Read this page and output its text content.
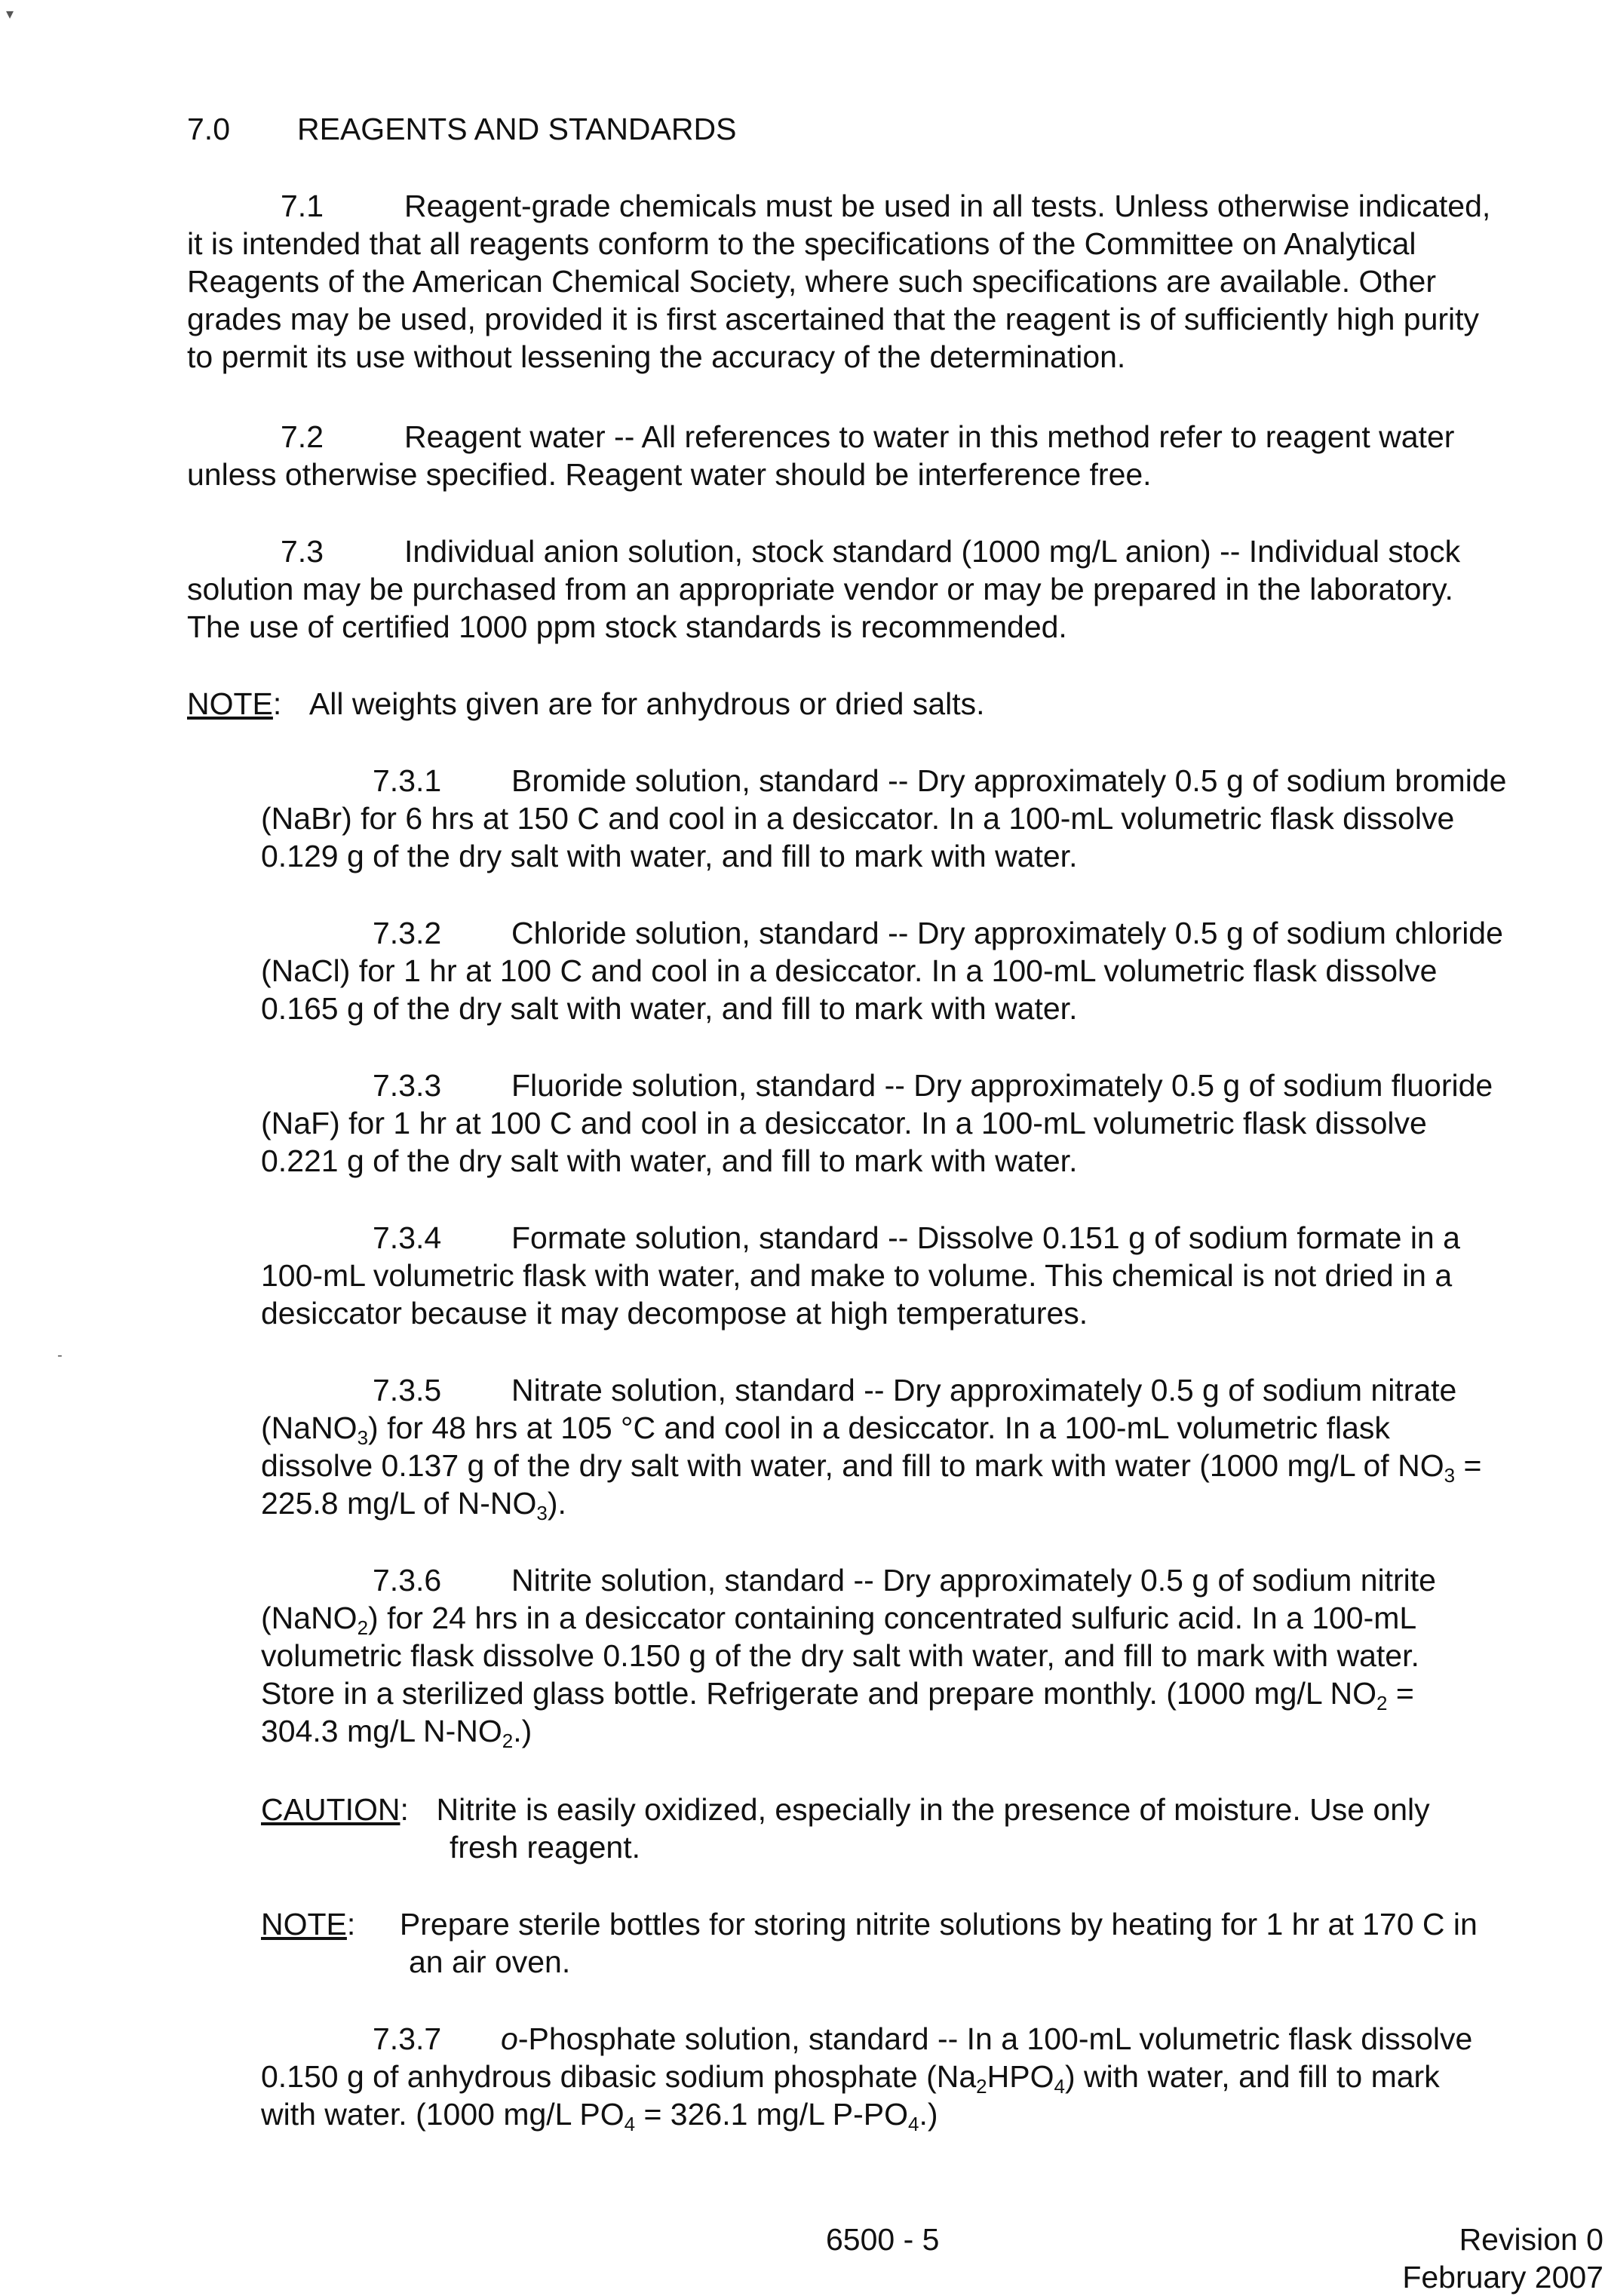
▾
7.0 REAGENTS AND STANDARDS
7.1	Reagent-grade chemicals must be used in all tests. Unless otherwise indicated,
it is intended that all reagents conform to the specifications of the Committee on Analytical
Reagents of the American Chemical Society, where such specifications are available. Other
grades may be used, provided it is first ascertained that the reagent is of sufficiently high purity
to permit its use without lessening the accuracy of the determination.
7.2	Reagent water -- All references to water in this method refer to reagent water
unless otherwise specified. Reagent water should be interference free.
7.3	Individual anion solution, stock standard (1000 mg/L anion) -- Individual stock
solution may be purchased from an appropriate vendor or may be prepared in the laboratory.
The use of certified 1000 ppm stock standards is recommended.
NOTE: All weights given are for anhydrous or dried salts.
7.3.1 Bromide solution, standard -- Dry approximately 0.5 g of sodium bromide
(NaBr) for 6 hrs at 150 C and cool in a desiccator. In a 100-mL volumetric flask dissolve
0.129 g of the dry salt with water, and fill to mark with water.
7.3.2 Chloride solution, standard -- Dry approximately 0.5 g of sodium chloride
(NaCl) for 1 hr at 100 C and cool in a desiccator. In a 100-mL volumetric flask dissolve
0.165 g of the dry salt with water, and fill to mark with water.
7.3.3 Fluoride solution, standard -- Dry approximately 0.5 g of sodium fluoride
(NaF) for 1 hr at 100 C and cool in a desiccator. In a 100-mL volumetric flask dissolve
0.221 g of the dry salt with water, and fill to mark with water.
7.3.4 Formate solution, standard -- Dissolve 0.151 g of sodium formate in a
100-mL volumetric flask with water, and make to volume. This chemical is not dried in a
desiccator because it may decompose at high temperatures.
-
7.3.5 Nitrate solution, standard -- Dry approximately 0.5 g of sodium nitrate
(NaNO$_3$) for 48 hrs at 105 °C and cool in a desiccator. In a 100-mL volumetric flask
dissolve 0.137 g of the dry salt with water, and fill to mark with water (1000 mg/L of $NO_3$ =
225.8 mg/L of $N-NO_3$).
7.3.6 Nitrite solution, standard -- Dry approximately 0.5 g of sodium nitrite
(NaNO$_2$) for 24 hrs in a desiccator containing concentrated sulfuric acid. In a 100-mL
volumetric flask dissolve 0.150 g of the dry salt with water, and fill to mark with water.
Store in a sterilized glass bottle. Refrigerate and prepare monthly. (1000 mg/L $NO_2$ =
304.3 mg/L $N-NO_2$.)
CAUTION: Nitrite is easily oxidized, especially in the presence of moisture. Use only
fresh reagent.
NOTE: Prepare sterile bottles for storing nitrite solutions by heating for 1 hr at 170 C in
an air oven.
7.3.7 o-Phosphate solution, standard -- In a 100-mL volumetric flask dissolve
0.150 g of anhydrous dibasic sodium phosphate $(Na_2HPO_4)$ with water, and fill to mark
with water. (1000 mg/L $PO_4 = 326.1$ mg/L $P-PO_4$.)
6500 - 5	Revision 0
February 2007
